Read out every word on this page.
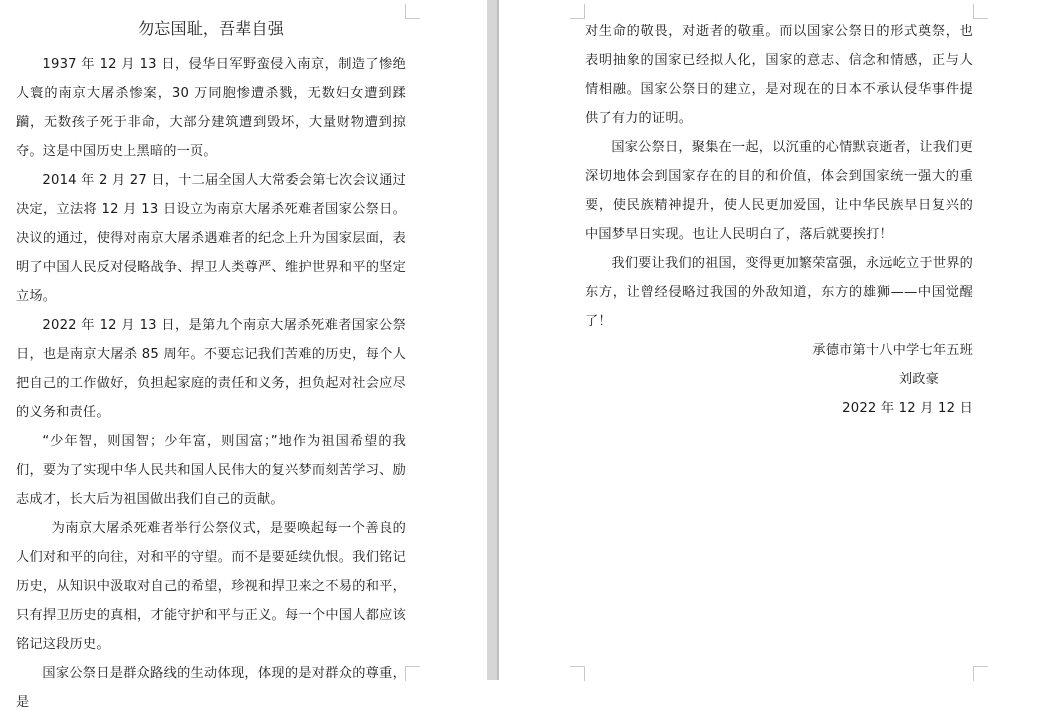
勿忘国耻，吾辈自强

1937 年 12 月 13 日，侵华日军野蛮侵入南京，制造了惨绝人寰的南京大屠杀惨案，30 万同胞惨遭杀戮，无数妇女遭到蹂躏，无数孩子死于非命，大部分建筑遭到毁坏，大量财物遭到掠夺。这是中国历史上黑暗的一页。

2014 年 2 月 27 日，十二届全国人大常委会第七次会议通过决定，立法将 12 月 13 日设立为南京大屠杀死难者国家公祭日。决议的通过，使得对南京大屠杀遇难者的纪念上升为国家层面，表明了中国人民反对侵略战争、捍卫人类尊严、维护世界和平的坚定立场。

2022 年 12 月 13 日，是第九个南京大屠杀死难者国家公祭日，也是南京大屠杀 85 周年。不要忘记我们苦难的历史，每个人把自己的工作做好，负担起家庭的责任和义务，担负起对社会应尽的义务和责任。

“少年智，则国智；少年富，则国富；”地作为祖国希望的我们，要为了实现中华人民共和国人民伟大的复兴梦而刻苦学习、励志成才，长大后为祖国做出我们自己的贡献。

为南京大屠杀死难者举行公祭仪式，是要唤起每一个善良的人们对和平的向往，对和平的守望。而不是要延续仇恨。我们铭记历史，从知识中汲取对自己的希望，珍视和捍卫来之不易的和平，只有捍卫历史的真相，才能守护和平与正义。每一个中国人都应该铭记这段历史。

国家公祭日是群众路线的生动体现，体现的是对群众的尊重，是

对生命的敬畏，对逝者的敬重。而以国家公祭日的形式奠祭，也表明抽象的国家已经拟人化，国家的意志、信念和情感，正与人情相融。国家公祭日的建立，是对现在的日本不承认侵华事件提供了有力的证明。

国家公祭日，聚集在一起，以沉重的心情默哀逝者，让我们更深切地体会到国家存在的目的和价值，体会到国家统一强大的重要，使民族精神提升，使人民更加爱国，让中华民族早日复兴的中国梦早日实现。也让人民明白了，落后就要挨打！

我们要让我们的祖国，变得更加繁荣富强，永远屹立于世界的东方，让曾经侵略过我国的外敌知道，东方的雄狮——中国觉醒了！

承德市第十八中学七年五班

刘政豪

2022 年 12 月 12 日
